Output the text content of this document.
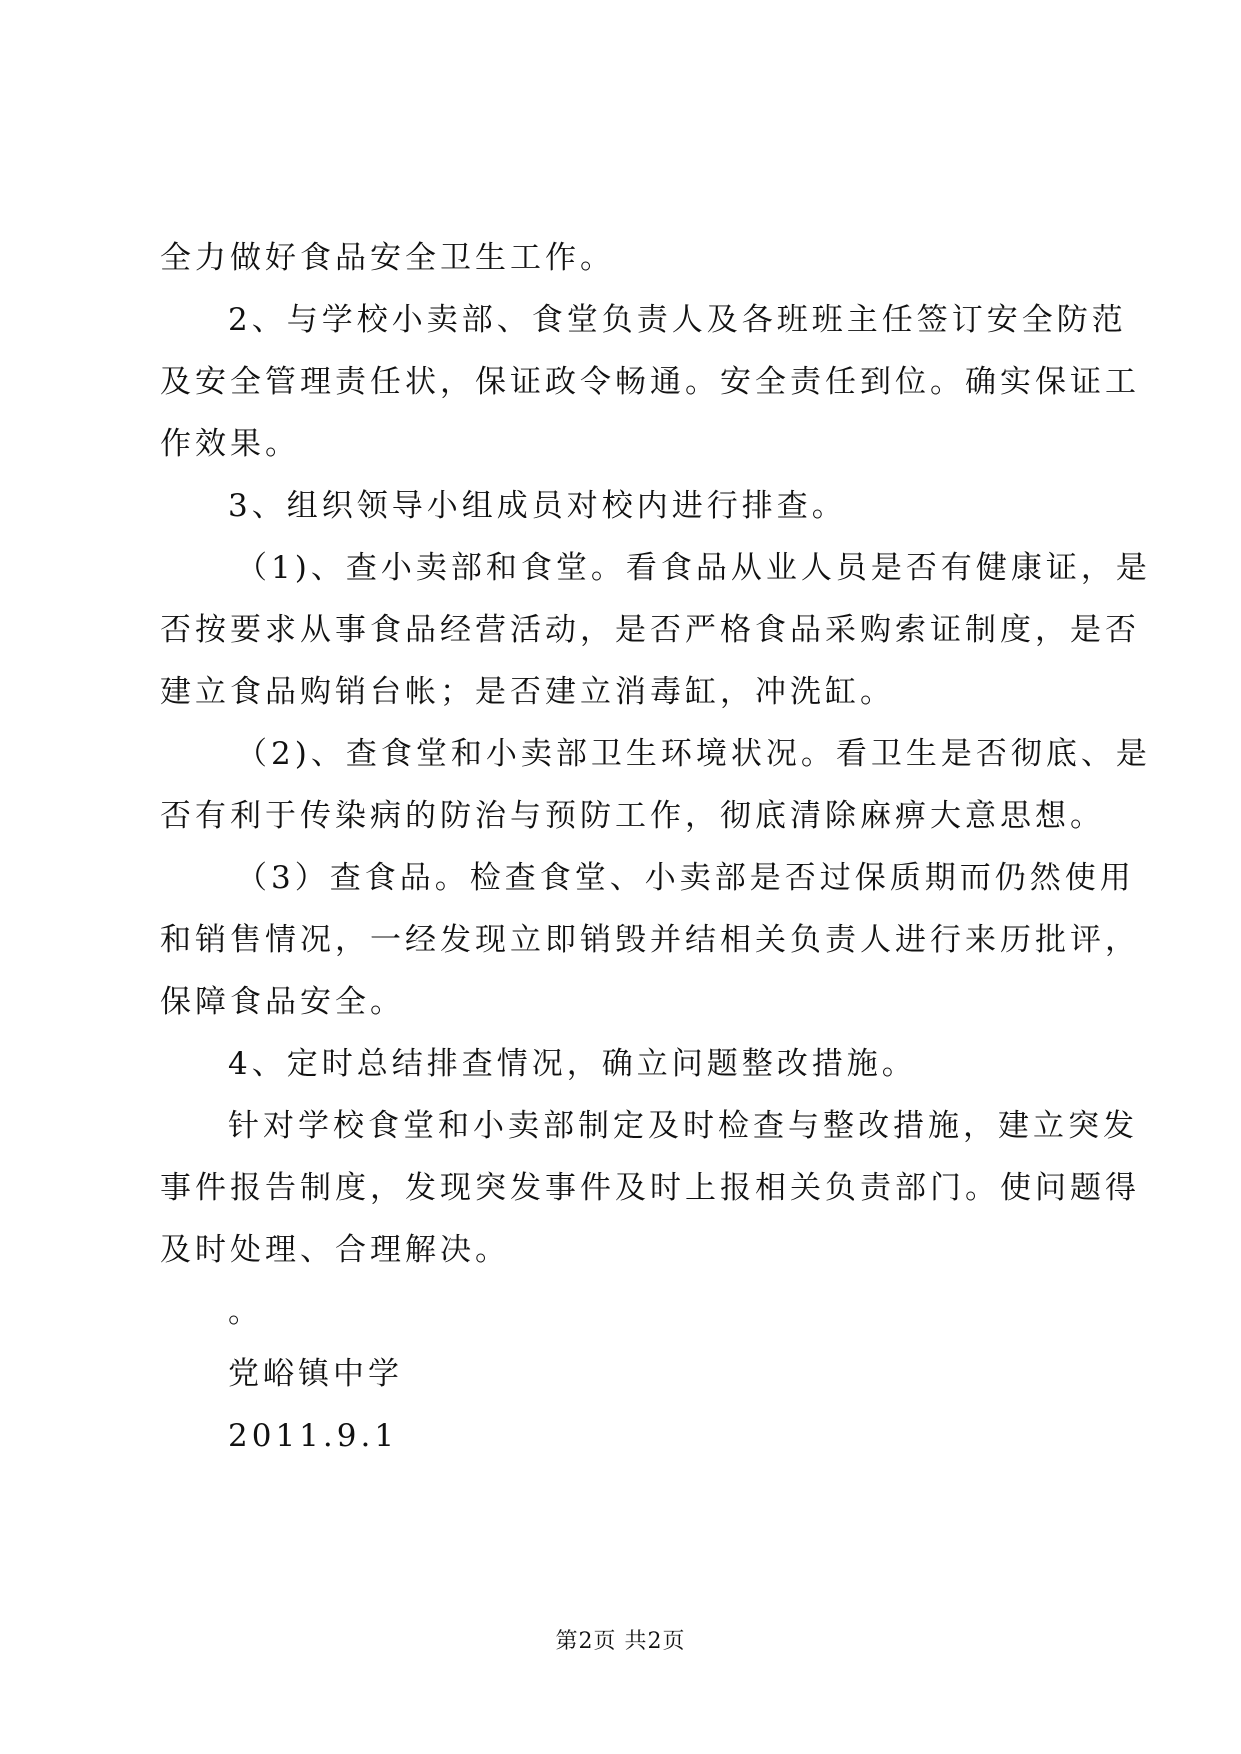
全力做好食品安全卫生工作。
2、与学校小卖部、食堂负责人及各班班主任签订安全防范
及安全管理责任状，保证政令畅通。安全责任到位。确实保证工
作效果。
3、组织领导小组成员对校内进行排查。
（1)、查小卖部和食堂。看食品从业人员是否有健康证，是
否按要求从事食品经营活动，是否严格食品采购索证制度，是否
建立食品购销台帐；是否建立消毒缸，冲洗缸。
（2)、查食堂和小卖部卫生环境状况。看卫生是否彻底、是
否有利于传染病的防治与预防工作，彻底清除麻痹大意思想。
（3）查食品。检查食堂、小卖部是否过保质期而仍然使用
和销售情况，一经发现立即销毁并结相关负责人进行来历批评，
保障食品安全。
4、定时总结排查情况，确立问题整改措施。
针对学校食堂和小卖部制定及时检查与整改措施，建立突发
事件报告制度，发现突发事件及时上报相关负责部门。使问题得
及时处理、合理解决。
。
党峪镇中学
2011.9.1
第2页 共2页
